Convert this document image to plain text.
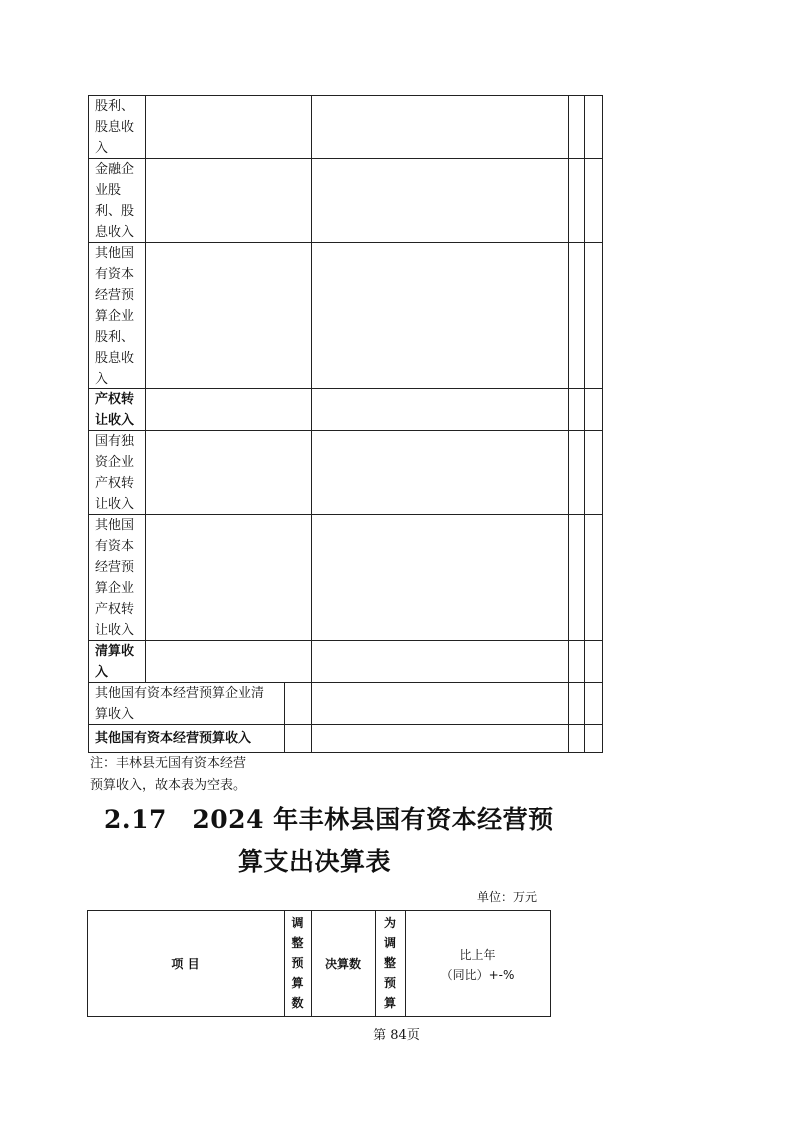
股利、
股息收
入
金融企
业股
利、股
息收入
其他国
有资本
经营预
算企业
股利、
股息收
入
产权转
让收入
国有独
资企业
产权转
让收入
其他国
有资本
经营预
算企业
产权转
让收入
清算收
入
其他国有资本经营预算企业清
算收入
其他国有资本经营预算收入
注：丰林县无国有资本经营
预算收入，故本表为空表。
2.17　2024 年丰林县国有资本经营预
算支出决算表
单位：万元
项 目
调
整
预
算
数
决算数
为
调
整
预
算
比上年
（同比）+-%
第 84页
